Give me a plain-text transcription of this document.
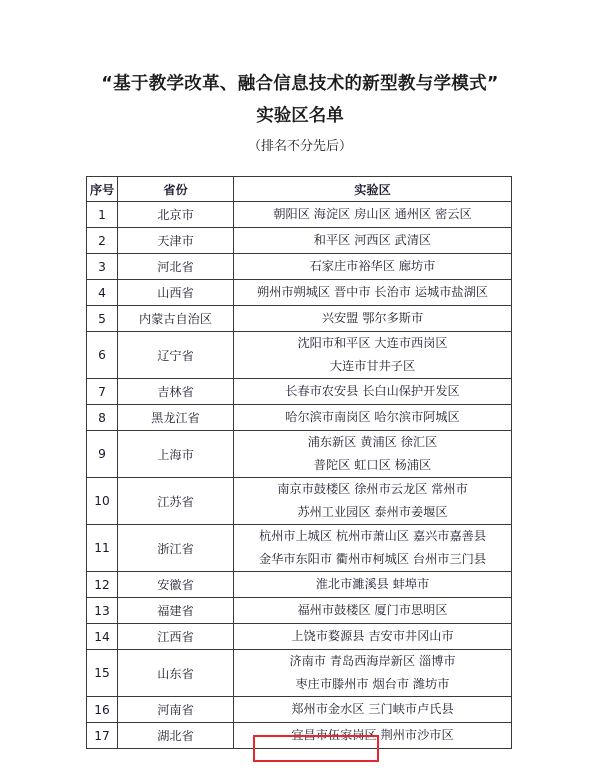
“基于教学改革、融合信息技术的新型教与学模式”
实验区名单
（排名不分先后）
序号	省份	实验区
1	北京市	朝阳区 海淀区 房山区 通州区 密云区

2	天津市	和平区 河西区 武清区

3	河北省	石家庄市裕华区 廊坊市

4	山西省	朔州市朔城区 晋中市 长治市 运城市盐湖区

5	内蒙古自治区	兴安盟 鄂尔多斯市

6	辽宁省	沈阳市和平区 大连市西岗区
大连市甘井子区

7	吉林省	长春市农安县 长白山保护开发区

8	黑龙江省	哈尔滨市南岗区 哈尔滨市阿城区

9	上海市	浦东新区 黄浦区 徐汇区
普陀区 虹口区 杨浦区

10	江苏省	南京市鼓楼区 徐州市云龙区 常州市
苏州工业园区 泰州市姜堰区

11	浙江省	杭州市上城区 杭州市萧山区 嘉兴市嘉善县
金华市东阳市 衢州市柯城区 台州市三门县

12	安徽省	淮北市濉溪县 蚌埠市

13	福建省	福州市鼓楼区 厦门市思明区

14	江西省	上饶市婺源县 吉安市井冈山市

15	山东省	济南市 青岛西海岸新区 淄博市
枣庄市滕州市 烟台市 潍坊市

16	河南省	郑州市金水区 三门峡市卢氏县

17	湖北省	宜昌市伍家岗区 荆州市沙市区
